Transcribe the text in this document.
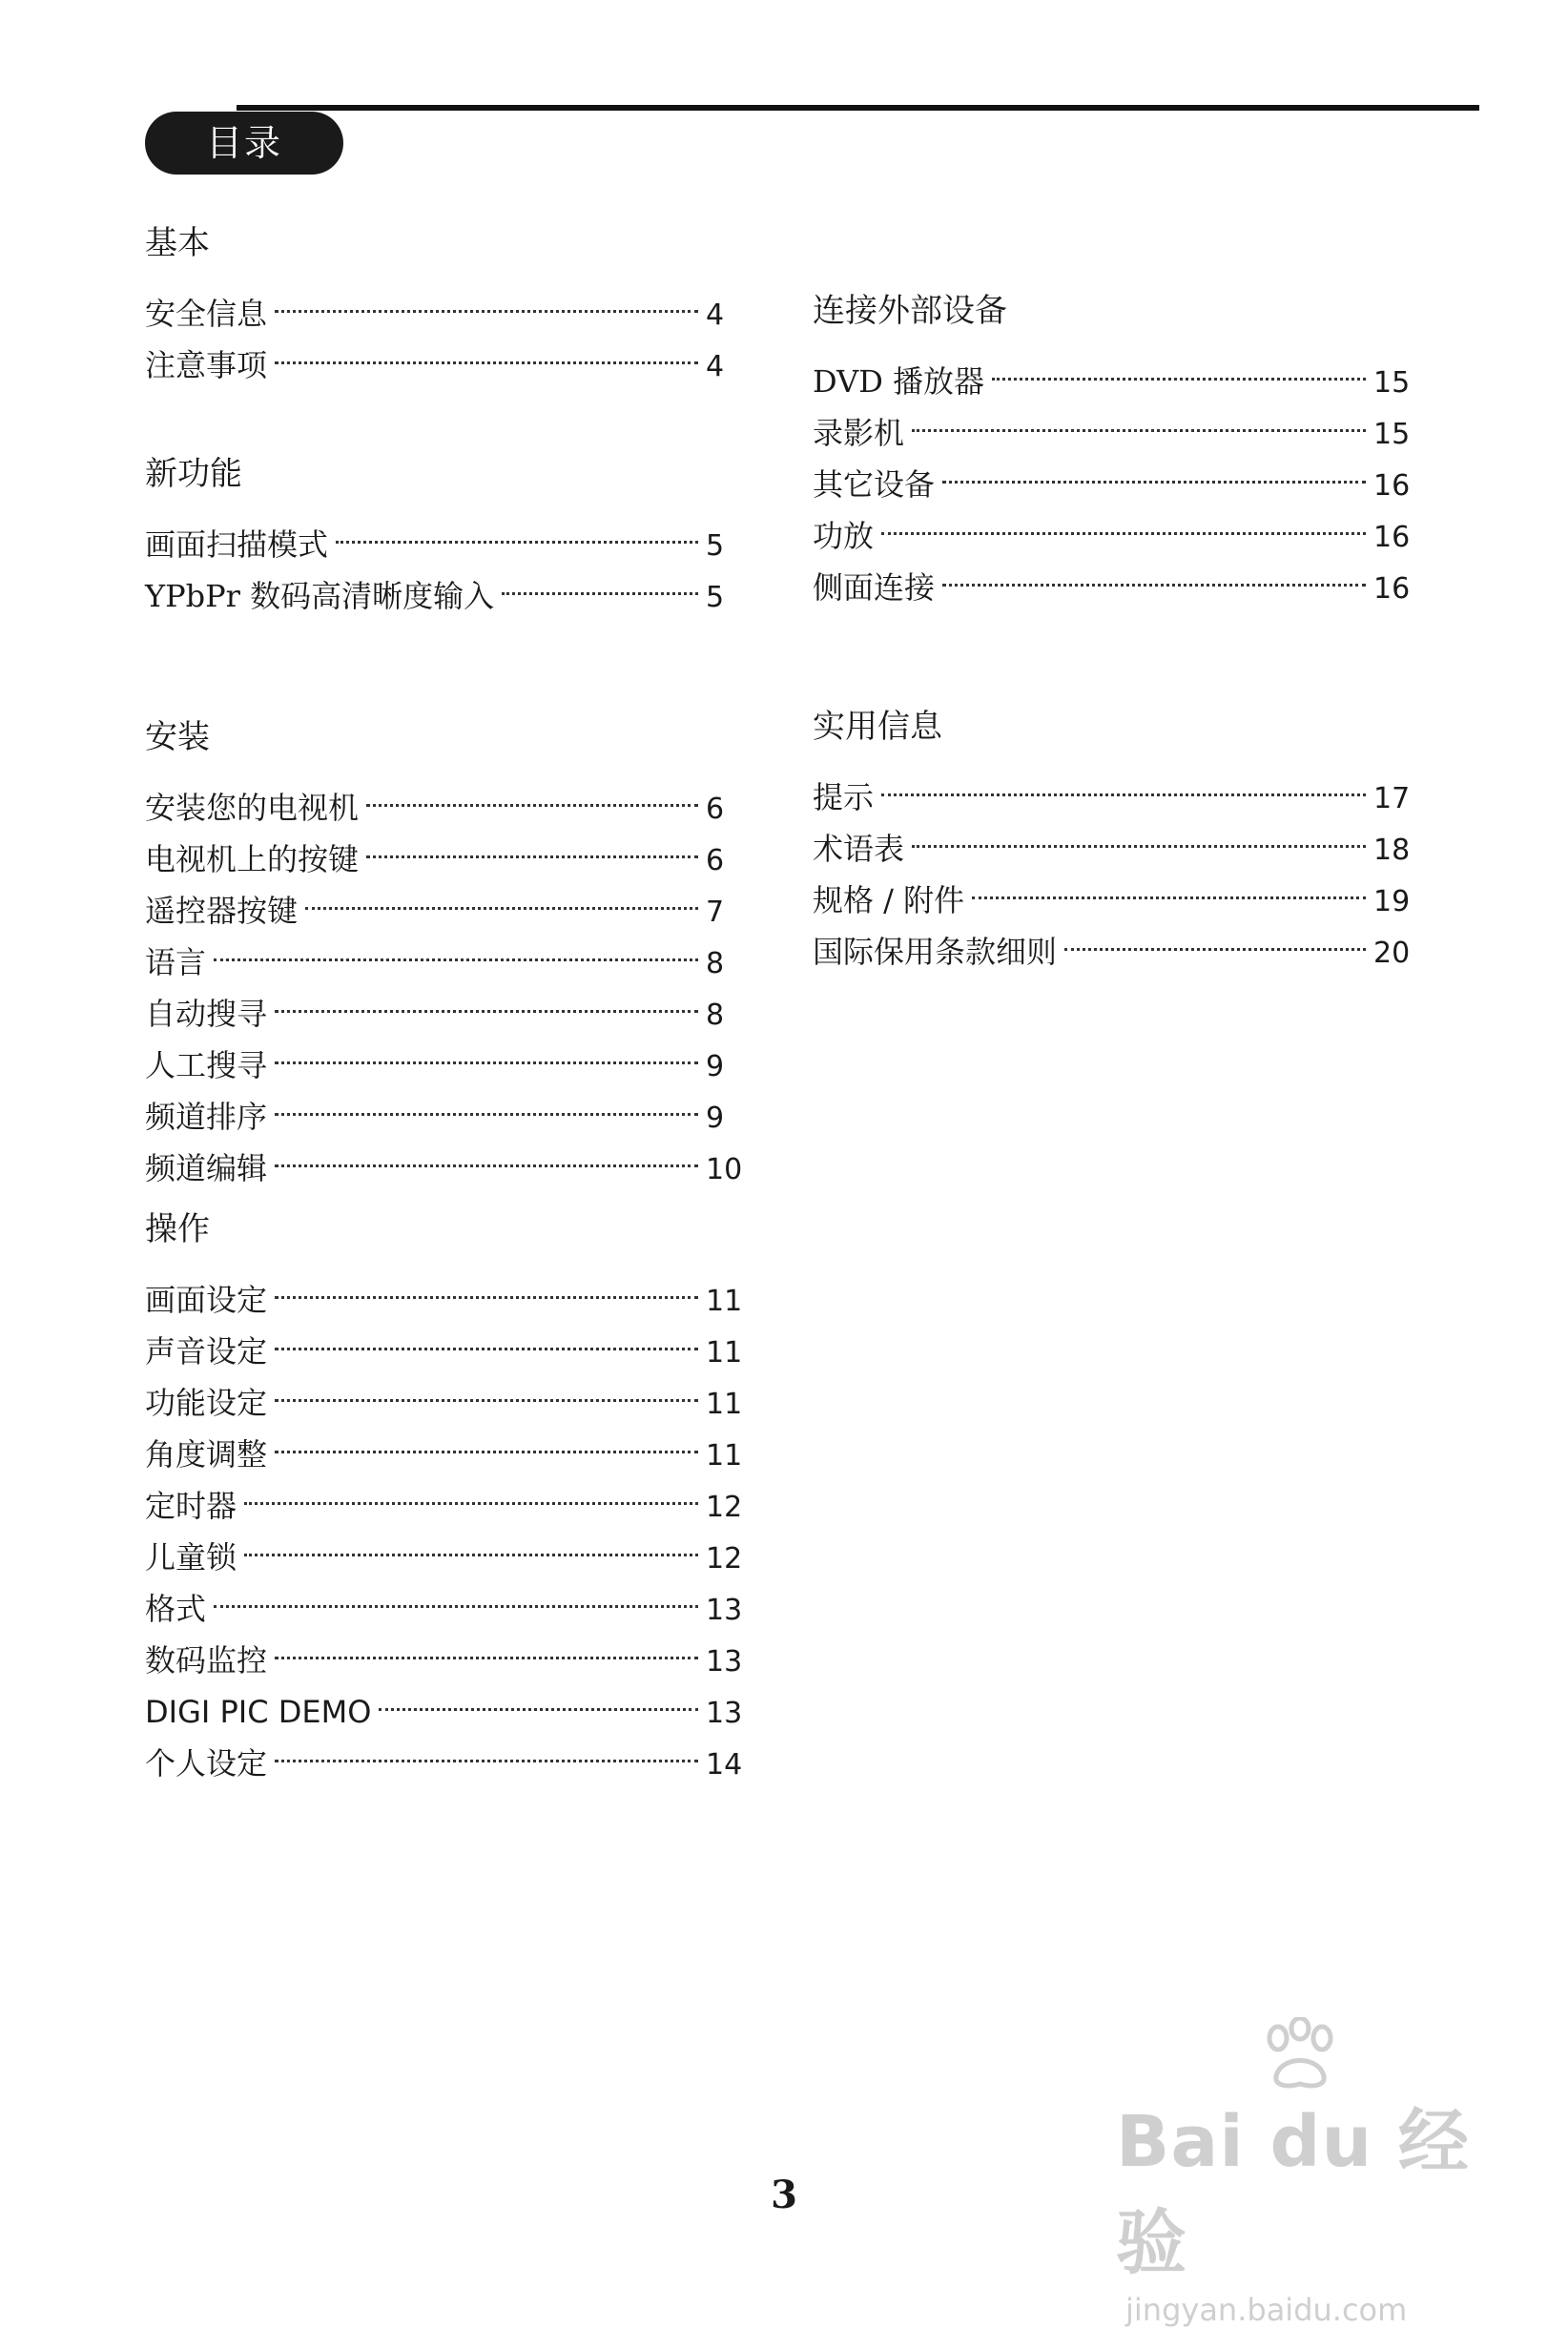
目录
基本
安全信息	4
注意事项	4
新功能
画面扫描模式	5
YPbPr 数码高清晰度输入	5
安装
安装您的电视机	6
电视机上的按键	6
遥控器按键	7
语言	8
自动搜寻	8
人工搜寻	9
频道排序	9
频道编辑	10
操作
画面设定	11
声音设定	11
功能设定	11
角度调整	11
定时器	12
儿童锁	12
格式	13
数码监控	13
DIGI PIC DEMO	13
个人设定	14
连接外部设备
DVD 播放器	15
录影机	15
其它设备	16
功放	16
侧面连接	16
实用信息
提示	17
术语表	18
规格 / 附件	19
国际保用条款细则	20
3
Bai du 经验
jingyan.baidu.com
